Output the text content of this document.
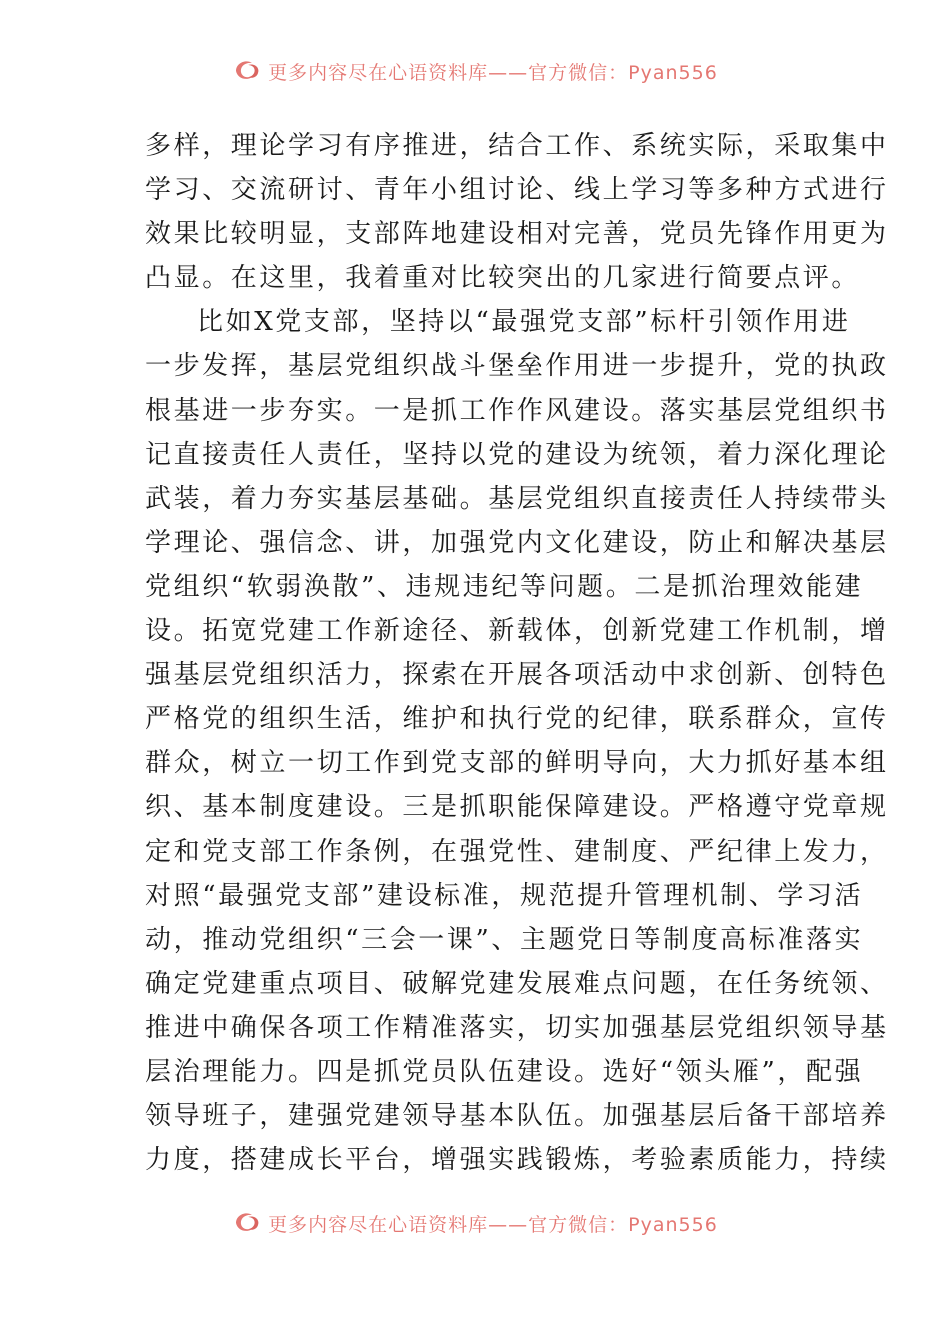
更多内容尽在心语资料库——官方微信：Pyan556
多样，理论学习有序推进，结合工作、系统实际，采取集中
学习、交流研讨、青年小组讨论、线上学习等多种方式进行
效果比较明显，支部阵地建设相对完善，党员先锋作用更为
凸显。在这里，我着重对比较突出的几家进行简要点评。
比如X党支部，坚持以“最强党支部”标杆引领作用进
一步发挥，基层党组织战斗堡垒作用进一步提升，党的执政
根基进一步夯实。一是抓工作作风建设。落实基层党组织书
记直接责任人责任，坚持以党的建设为统领，着力深化理论
武装，着力夯实基层基础。基层党组织直接责任人持续带头
学理论、强信念、讲，加强党内文化建设，防止和解决基层
党组织“软弱涣散”、违规违纪等问题。二是抓治理效能建
设。拓宽党建工作新途径、新载体，创新党建工作机制，增
强基层党组织活力，探索在开展各项活动中求创新、创特色
严格党的组织生活，维护和执行党的纪律，联系群众，宣传
群众，树立一切工作到党支部的鲜明导向，大力抓好基本组
织、基本制度建设。三是抓职能保障建设。严格遵守党章规
定和党支部工作条例，在强党性、建制度、严纪律上发力，
对照“最强党支部”建设标准，规范提升管理机制、学习活
动，推动党组织“三会一课”、主题党日等制度高标准落实
确定党建重点项目、破解党建发展难点问题，在任务统领、
推进中确保各项工作精准落实，切实加强基层党组织领导基
层治理能力。四是抓党员队伍建设。选好“领头雁”，配强
领导班子，建强党建领导基本队伍。加强基层后备干部培养
力度，搭建成长平台，增强实践锻炼，考验素质能力，持续
更多内容尽在心语资料库——官方微信：Pyan556
